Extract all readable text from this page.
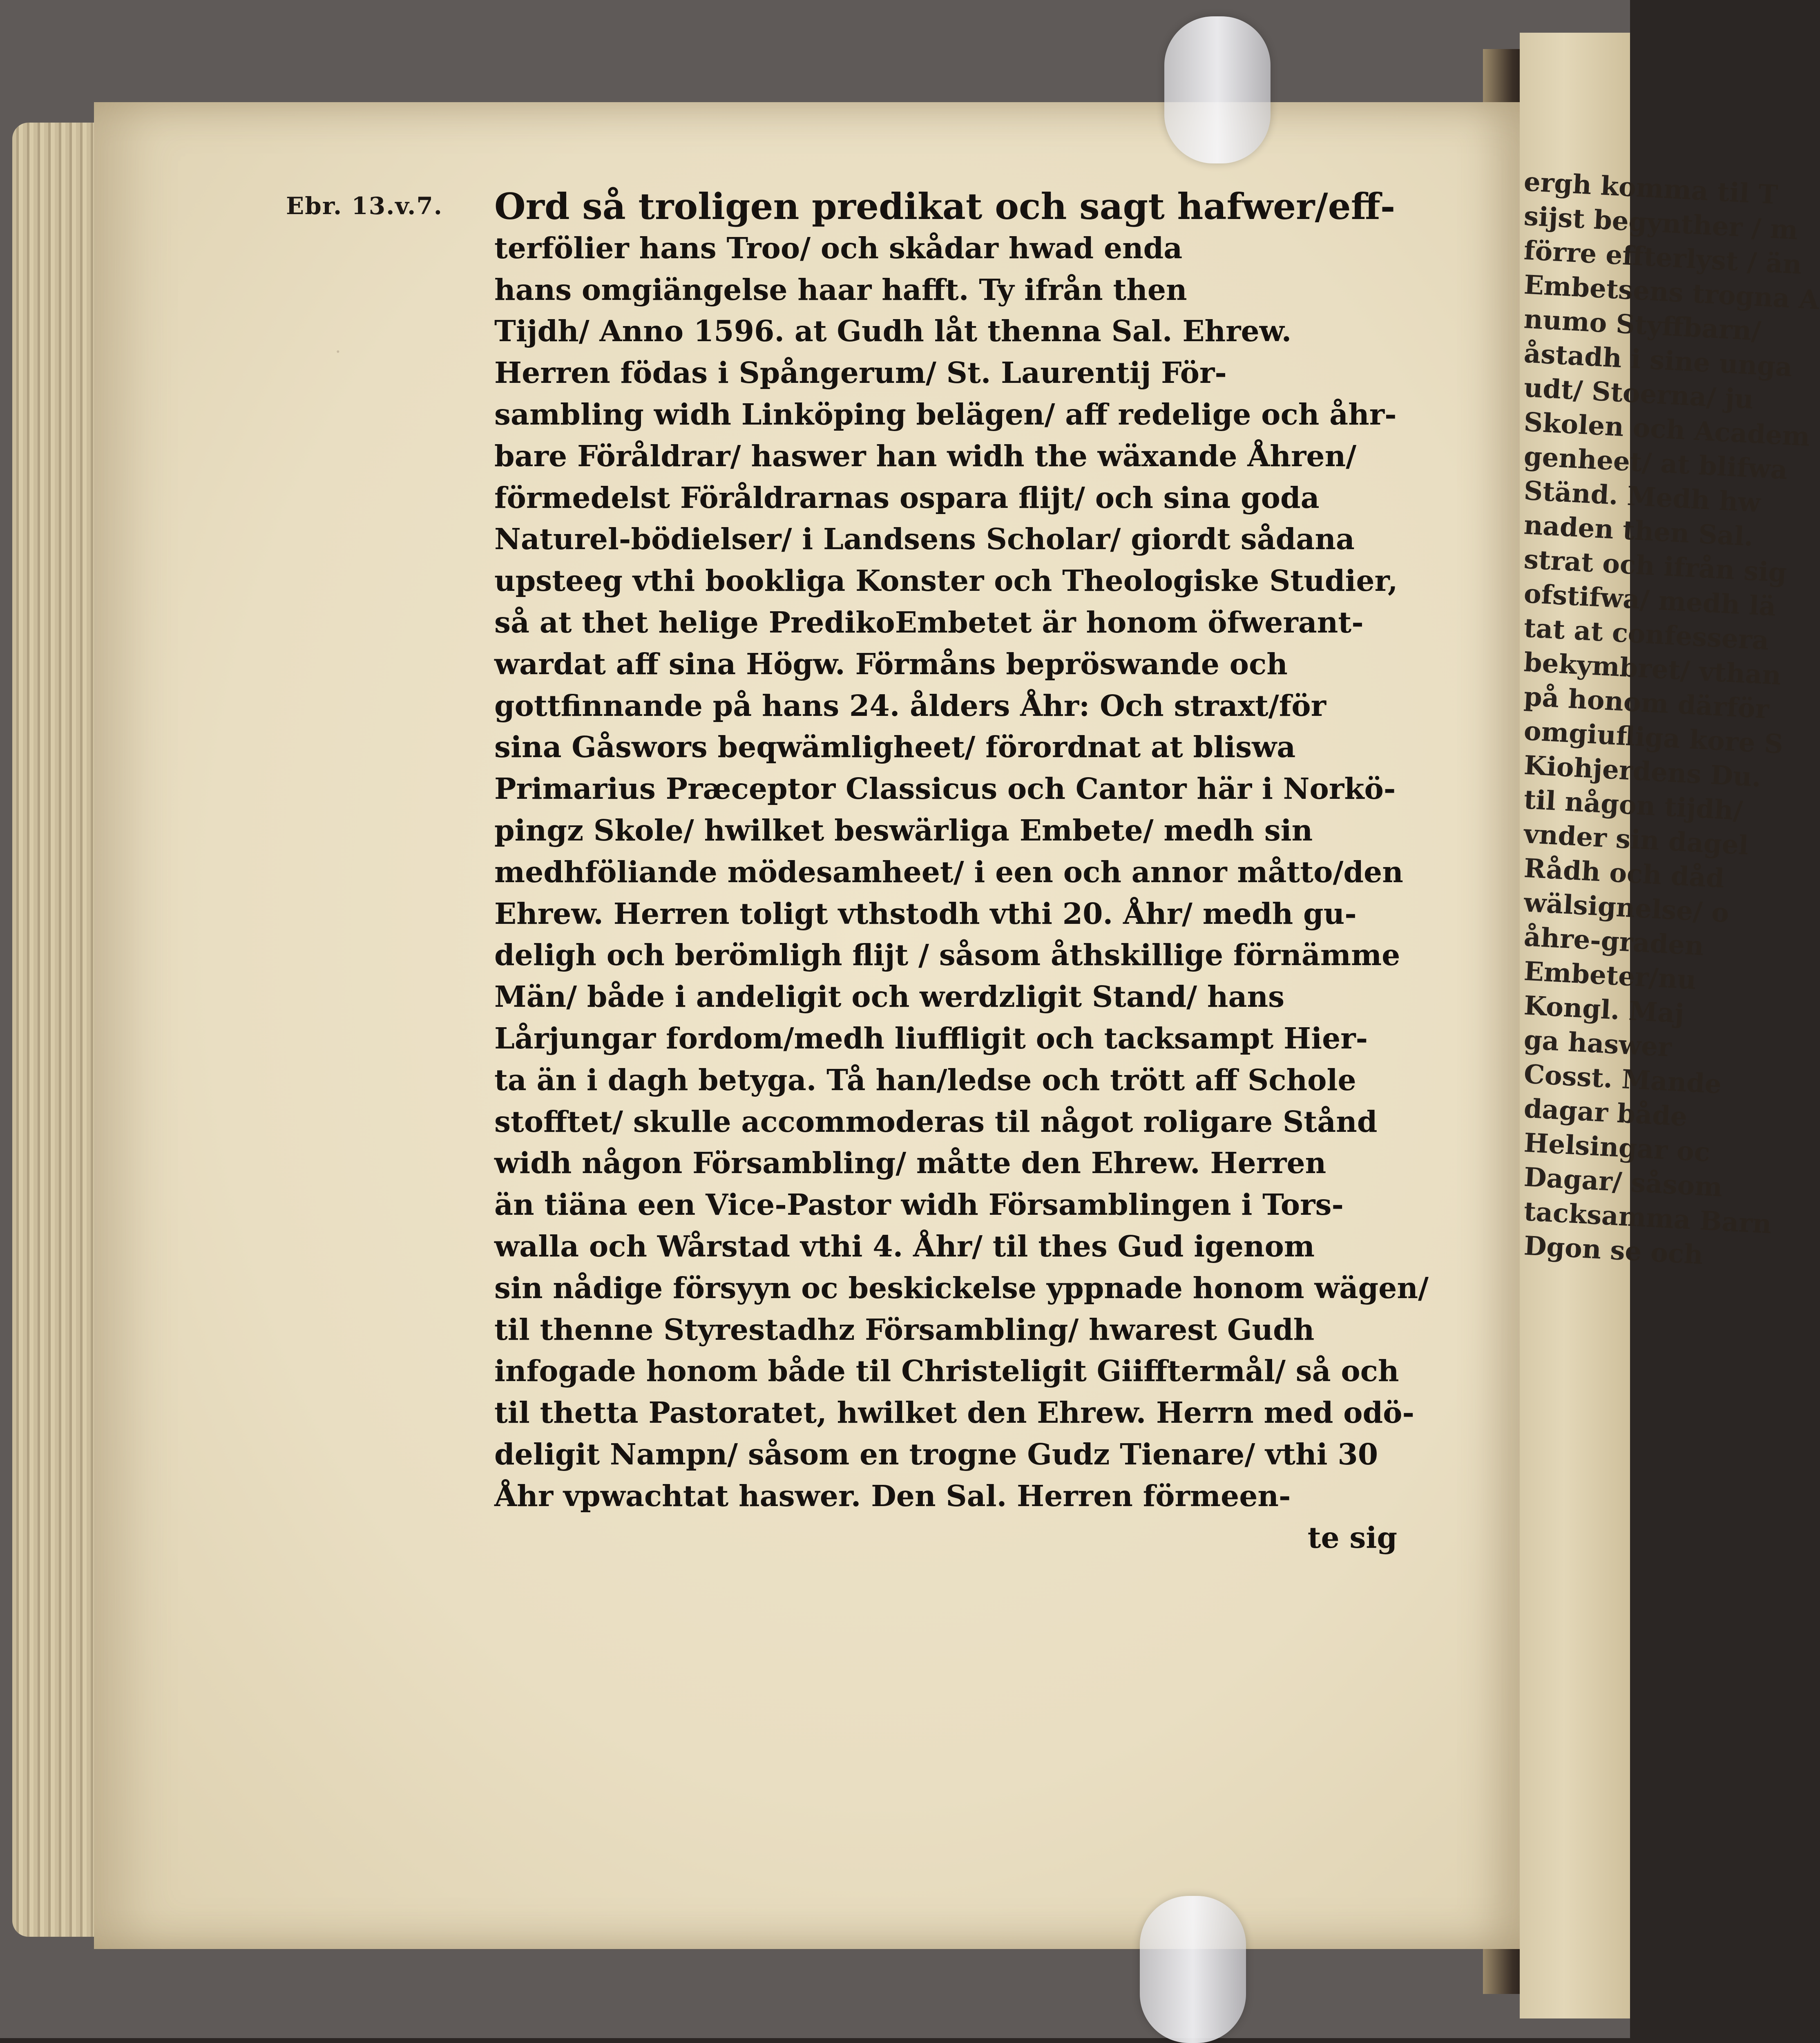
ergh komma til T
sijst begynther / m
förre effterlyst / än
Embetsens trogna A
numo Styffbarn/
åstadh i sine unga
udt/ Stoerna/ ju
Skolen och Academ
genheet/ at blifwa
Ständ. Medh hw
naden then Sal.
strat och ifrån sig
ofstifwa/ medh lä
tat at confessera
bekymbret/ vthan
på honom därför
omgiufliga kore S
Kiohjerdens Du.
til någon tijdh/
vnder sin dagel
Rådh och dåd
wälsignelse/ o
åhre-graden
Embeter/nu
Kongl. Maj
ga haswer
Cosst. Mande
dagar både
Helsingar oc
Dagar/ såsom
tacksamma Barn
Dgon se och
.
Ebr. 13.v.7. Ord så troligen predikat och sagt hafwer/eff-
terfölier hans Troo/ och skådar hwad enda
hans omgiängelse haar hafft. Ty ifrån then
Tijdh/ Anno 1596. at Gudh låt thenna Sal. Ehrew.
Herren födas i Spångerum/ St. Laurentij För-
sambling widh Linköping belägen/ aff redelige och åhr-
bare Föråldrar/ haswer han widh the wäxande Åhren/
förmedelst Föråldrarnas ospara flijt/ och sina goda
Naturel-bödielser/ i Landsens Scholar/ giordt sådana
upsteeg vthi bookliga Konster och Theologiske Studier,
så at thet helige PredikoEmbetet är honom öfwerant-
wardat aff sina Högw. Förmåns bepröswande och
gottfinnande på hans 24. ålders Åhr: Och straxt/för
sina Gåswors beqwämligheet/ förordnat at bliswa
Primarius Præceptor Classicus och Cantor här i Norkö-
pingz Skole/ hwilket beswärliga Embete/ medh sin
medhföliande mödesamheet/ i een och annor måtto/den
Ehrew. Herren toligt vthstodh vthi 20. Åhr/ medh gu-
deligh och berömligh flijt / såsom åthskillige förnämme
Män/ både i andeligit och werdzligit Stand/ hans
Lårjungar fordom/medh liuffligit och tacksampt Hier-
ta än i dagh betyga. Tå han/ledse och trött aff Schole
stofftet/ skulle accommoderas til något roligare Stånd
widh någon Försambling/ måtte den Ehrew. Herren
än tiäna een Vice-Pastor widh Församblingen i Tors-
walla och Wårstad vthi 4. Åhr/ til thes Gud igenom
sin nådige försyyn oc beskickelse yppnade honom wägen/
til thenne Styrestadhz Försambling/ hwarest Gudh
infogade honom både til Christeligit Giifftermål/ så och
til thetta Pastoratet, hwilket den Ehrew. Herrn med odö-
deligit Nampn/ såsom en trogne Gudz Tienare/ vthi 30
Åhr vpwachtat haswer. Den Sal. Herren förmeen-
te sig
